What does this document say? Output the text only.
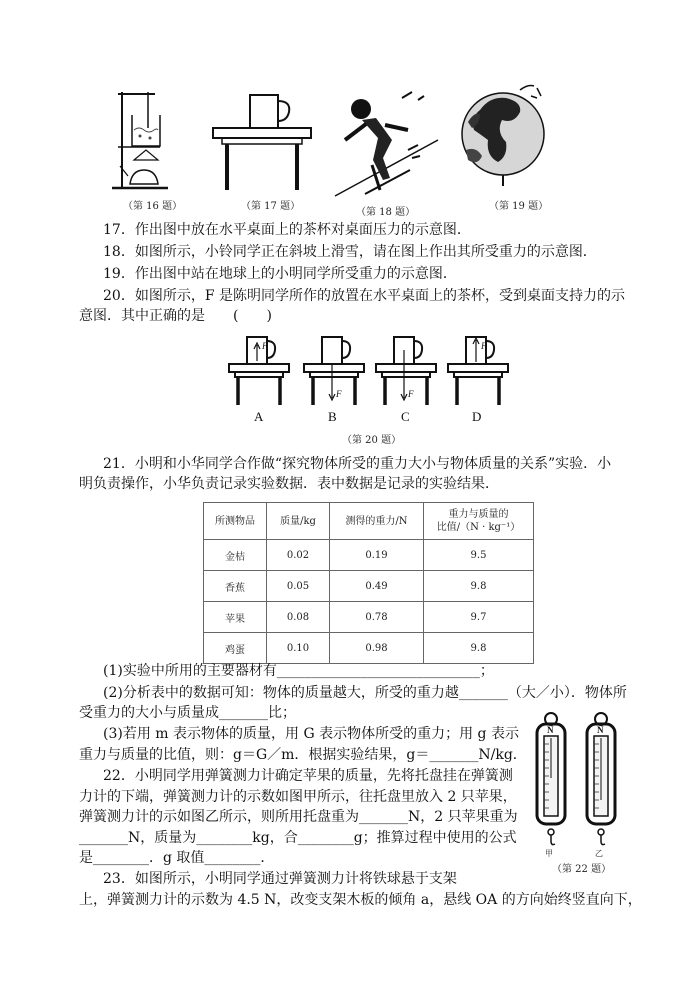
（第 16 题）	（第 17 题）
（第 18 题）
（第 19 题）
17．作出图中放在水平桌面上的茶杯对桌面压力的示意图．
18．如图所示，小铃同学正在斜坡上滑雪，请在图上作出其所受重力的示意图．
19．作出图中站在地球上的小明同学所受重力的示意图．
20．如图所示，F 是陈明同学所作的放置在水平桌面上的茶杯，受到桌面支持力的示
意图．其中正确的是　　(　　)
A	B	C	D
F
F	F
F
（第 20 题）
21．小明和小华同学合作做“探究物体所受的重力大小与物体质量的关系”实验．小
明负责操作，小华负责记录实验数据．表中数据是记录的实验结果．
所测物品	质量/kg	测得的重力/N	重力与质量的
比值/（N · kg⁻¹）

金桔	0.02	0.19	9.5
香蕉	0.05	0.49	9.8
苹果	0.08	0.78	9.7
鸡蛋	0.10	0.98	9.8
(1)实验中所用的主要器材有_____________________________；
(2)分析表中的数据可知：物体的质量越大，所受的重力越_______（大／小）．物体所
受重力的大小与质量成_______比；
(3)若用 m 表示物体的质量，用 G 表示物体所受的重力；用 g 表示
重力与质量的比值，则：g＝G／m．根据实验结果，g＝_______N/kg．
22．小明同学用弹簧测力计确定苹果的质量，先将托盘挂在弹簧测
力计的下端，弹簧测力计的示数如图甲所示，往托盘里放入 2 只苹果，
弹簧测力计的示如图乙所示，则所用托盘重为_______N，2 只苹果重为
_______N，质量为________kg，合________g；推算过程中使用的公式
是________．g 取值________．
N	N
甲	乙
（第 22 题）
23．如图所示，小明同学通过弹簧测力计将铁球悬于支架
上，弹簧测力计的示数为 4.5 N，改变支架木板的倾角 a，悬线 OA 的方向始终竖直向下，
